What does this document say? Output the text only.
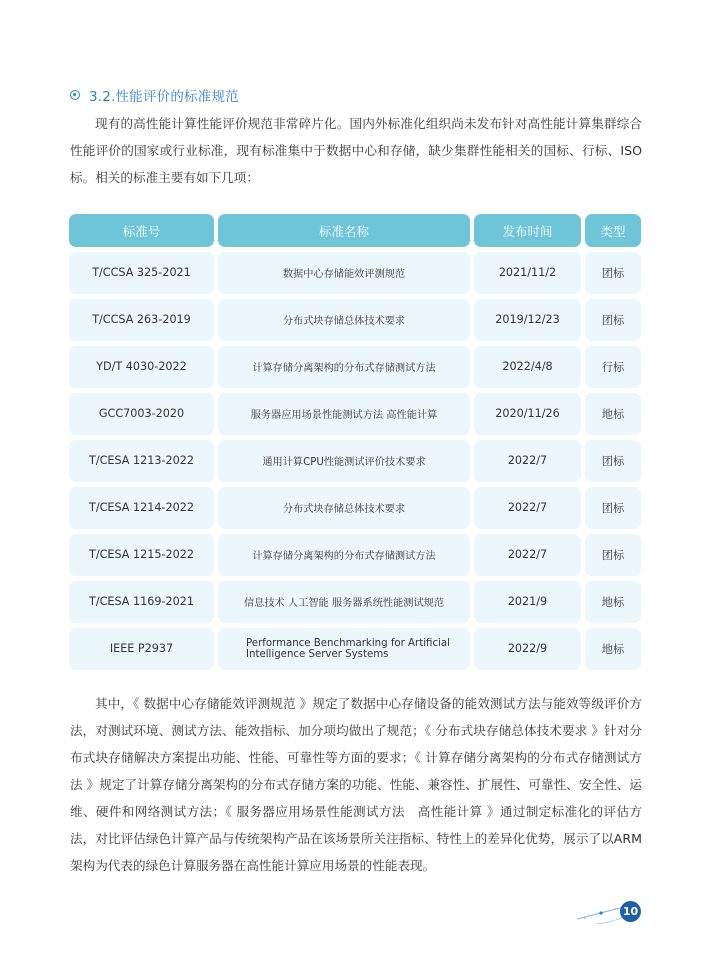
3.2.性能评价的标准规范

现有的高性能计算性能评价规范非常碎片化。国内外标准化组织尚未发布针对高性能计算集群综合性能评价的国家或行业标准，现有标准集中于数据中心和存储，缺少集群性能相关的国标、行标、ISO标。相关的标准主要有如下几项：

标准号	标准名称	发布时间	类型
T/CCSA 325-2021	数据中心存储能效评测规范	2021/11/2	团标
T/CCSA 263-2019	分布式块存储总体技术要求	2019/12/23	团标
YD/T 4030-2022	计算存储分离架构的分布式存储测试方法	2022/4/8	行标
GCC7003-2020	服务器应用场景性能测试方法 高性能计算	2020/11/26	地标
T/CESA 1213-2022	通用计算CPU性能测试评价技术要求	2022/7	团标
T/CESA 1214-2022	分布式块存储总体技术要求	2022/7	团标
T/CESA 1215-2022	计算存储分离架构的分布式存储测试方法	2022/7	团标
T/CESA 1169-2021	信息技术 人工智能 服务器系统性能测试规范	2021/9	地标
IEEE P2937	Performance Benchmarking for Artificial Intelligence Server Systems	2022/9	地标

其中，《 数据中心存储能效评测规范 》规定了数据中心存储设备的能效测试方法与能效等级评价方法，对测试环境、测试方法、能效指标、加分项均做出了规范；《 分布式块存储总体技术要求 》针对分布式块存储解决方案提出功能、性能、可靠性等方面的要求；《 计算存储分离架构的分布式存储测试方法 》规定了计算存储分离架构的分布式存储方案的功能、性能、兼容性、扩展性、可靠性、安全性、运维、硬件和网络测试方法；《 服务器应用场景性能测试方法　高性能计算 》通过制定标准化的评估方法，对比评估绿色计算产品与传统架构产品在该场景所关注指标、特性上的差异化优势，展示了以ARM架构为代表的绿色计算服务器在高性能计算应用场景的性能表现。

10
